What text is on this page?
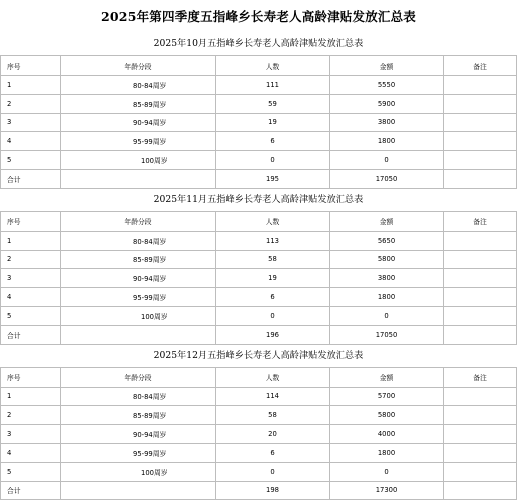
2025年第四季度五指峰乡长寿老人高龄津贴发放汇总表
2025年10月五指峰乡长寿老人高龄津贴发放汇总表
序号	年龄分段	人数	金额	备注
1	80-84周岁	111	5550	
2	85-89周岁	59	5900	
3	90-94周岁	19	3800	
4	95-99周岁	6	1800	
5	100周岁	0	0	
合计		195	17050	
2025年11月五指峰乡长寿老人高龄津贴发放汇总表
序号	年龄分段	人数	金额	备注
1	80-84周岁	113	5650	
2	85-89周岁	58	5800	
3	90-94周岁	19	3800	
4	95-99周岁	6	1800	
5	100周岁	0	0	
合计		196	17050	
2025年12月五指峰乡长寿老人高龄津贴发放汇总表
序号	年龄分段	人数	金额	备注
1	80-84周岁	114	5700	
2	85-89周岁	58	5800	
3	90-94周岁	20	4000	
4	95-99周岁	6	1800	
5	100周岁	0	0	
合计		198	17300	
